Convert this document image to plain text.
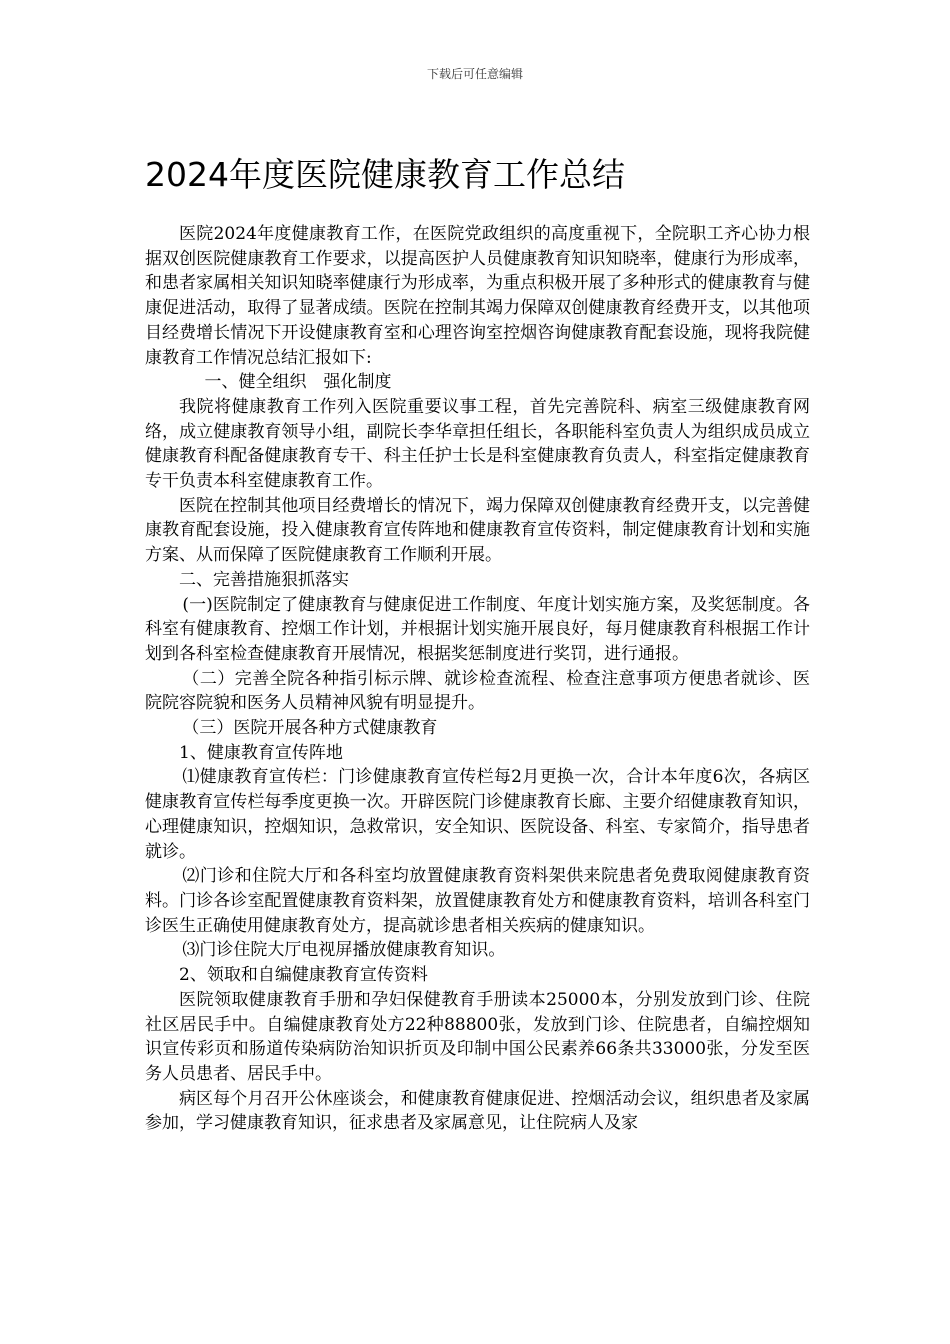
下载后可任意编辑
2024年度医院健康教育工作总结

医院2024年度健康教育工作，在医院党政组织的高度重视下，全院职工齐心协力根据双创医院健康教育工作要求，以提高医护人员健康教育知识知晓率，健康行为形成率，和患者家属相关知识知晓率健康行为形成率，为重点积极开展了多种形式的健康教育与健康促进活动，取得了显著成绩。医院在控制其竭力保障双创健康教育经费开支，以其他项目经费增长情况下开设健康教育室和心理咨询室控烟咨询健康教育配套设施，现将我院健康教育工作情况总结汇报如下:

一、健全组织　强化制度

我院将健康教育工作列入医院重要议事工程，首先完善院科、病室三级健康教育网络，成立健康教育领导小组，副院长李华章担任组长，各职能科室负责人为组织成员成立健康教育科配备健康教育专干、科主任护士长是科室健康教育负责人，科室指定健康教育专干负责本科室健康教育工作。

医院在控制其他项目经费增长的情况下，竭力保障双创健康教育经费开支，以完善健康教育配套设施，投入健康教育宣传阵地和健康教育宣传资料，制定健康教育计划和实施方案、从而保障了医院健康教育工作顺利开展。

二、完善措施狠抓落实

(一)医院制定了健康教育与健康促进工作制度、年度计划实施方案，及奖惩制度。各科室有健康教育、控烟工作计划，并根据计划实施开展良好，每月健康教育科根据工作计划到各科室检查健康教育开展情况，根据奖惩制度进行奖罚，进行通报。

（二）完善全院各种指引标示牌、就诊检查流程、检查注意事项方便患者就诊、医院院容院貌和医务人员精神风貌有明显提升。

（三）医院开展各种方式健康教育

1、健康教育宣传阵地

⑴健康教育宣传栏：门诊健康教育宣传栏每2月更换一次，合计本年度6次，各病区健康教育宣传栏每季度更换一次。开辟医院门诊健康教育长廊、主要介绍健康教育知识，心理健康知识，控烟知识，急救常识，安全知识、医院设备、科室、专家简介，指导患者就诊。

⑵门诊和住院大厅和各科室均放置健康教育资料架供来院患者免费取阅健康教育资料。门诊各诊室配置健康教育资料架，放置健康教育处方和健康教育资料，培训各科室门诊医生正确使用健康教育处方，提高就诊患者相关疾病的健康知识。

⑶门诊住院大厅电视屏播放健康教育知识。

2、领取和自编健康教育宣传资料

医院领取健康教育手册和孕妇保健教育手册读本25000本，分别发放到门诊、住院社区居民手中。自编健康教育处方22种88800张，发放到门诊、住院患者，自编控烟知识宣传彩页和肠道传染病防治知识折页及印制中国公民素养66条共33000张，分发至医务人员患者、居民手中。

病区每个月召开公休座谈会，和健康教育健康促进、控烟活动会议，组织患者及家属参加，学习健康教育知识，征求患者及家属意见，让住院病人及家
